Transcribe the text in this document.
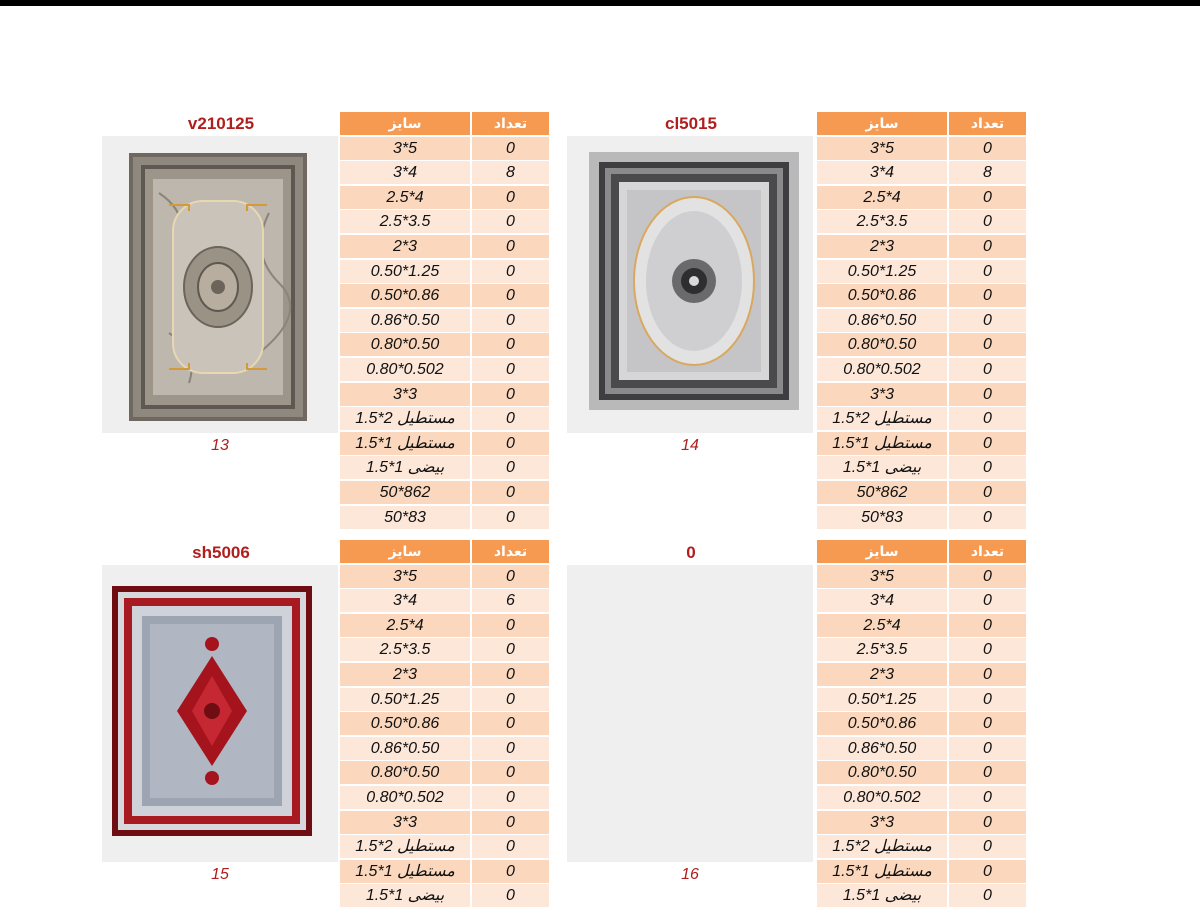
v210125
13
سایز	تعداد
3*5	0
3*4	8
2.5*4	0
2.5*3.5	0
2*3	0
0.50*1.25	0
0.50*0.86	0
0.86*0.50	0
0.80*0.50	0
0.80*0.502	0
3*3	0
مستطیل 2*1.5	0
مستطیل 1*1.5	0
بیضی 1*1.5	0
50*862	0
50*83	0
cl5015
14
سایز	تعداد
3*5	0
3*4	8
2.5*4	0
2.5*3.5	0
2*3	0
0.50*1.25	0
0.50*0.86	0
0.86*0.50	0
0.80*0.50	0
0.80*0.502	0
3*3	0
مستطیل 2*1.5	0
مستطیل 1*1.5	0
بیضی 1*1.5	0
50*862	0
50*83	0
sh5006
15
سایز	تعداد
3*5	0
3*4	6
2.5*4	0
2.5*3.5	0
2*3	0
0.50*1.25	0
0.50*0.86	0
0.86*0.50	0
0.80*0.50	0
0.80*0.502	0
3*3	0
مستطیل 2*1.5	0
مستطیل 1*1.5	0
بیضی 1*1.5	0
0
16
سایز	تعداد
3*5	0
3*4	0
2.5*4	0
2.5*3.5	0
2*3	0
0.50*1.25	0
0.50*0.86	0
0.86*0.50	0
0.80*0.50	0
0.80*0.502	0
3*3	0
مستطیل 2*1.5	0
مستطیل 1*1.5	0
بیضی 1*1.5	0
